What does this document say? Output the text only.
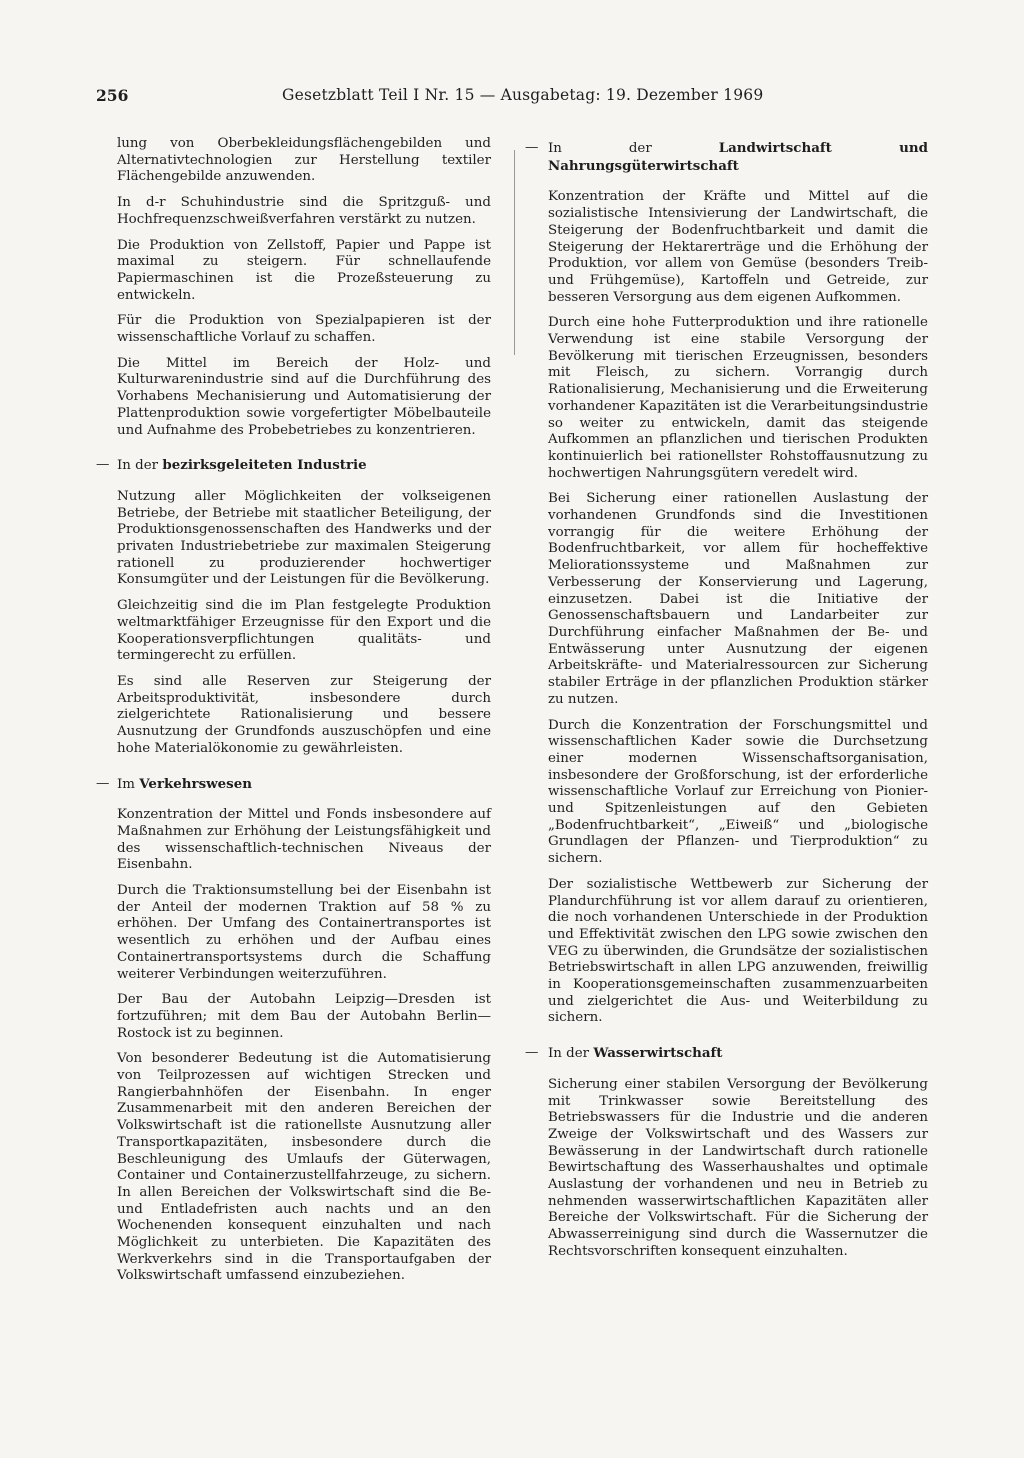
256	Gesetzblatt Teil I Nr. 15 — Ausgabetag: 19. Dezember 1969

lung von Oberbekleidungsflächengebilden und Alternativtechnologien zur Herstellung textiler Flächengebilde anzuwenden.

In d-r Schuhindustrie sind die Spritzguß- und Hochfrequenzschweißverfahren verstärkt zu nutzen.

Die Produktion von Zellstoff, Papier und Pappe ist maximal zu steigern. Für schnellaufende Papiermaschinen ist die Prozeßsteuerung zu entwickeln.

Für die Produktion von Spezialpapieren ist der wissenschaftliche Vorlauf zu schaffen.

Die Mittel im Bereich der Holz- und Kulturwarenindustrie sind auf die Durchführung des Vorhabens Mechanisierung und Automatisierung der Plattenproduktion sowie vorgefertigter Möbelbauteile und Aufnahme des Probebetriebes zu konzentrieren.

— In der bezirksgeleiteten Industrie

Nutzung aller Möglichkeiten der volkseigenen Betriebe, der Betriebe mit staatlicher Beteiligung, der Produktionsgenossenschaften des Handwerks und der privaten Industriebetriebe zur maximalen Steigerung rationell zu produzierender hochwertiger Konsumgüter und der Leistungen für die Bevölkerung.

Gleichzeitig sind die im Plan festgelegte Produktion weltmarktfähiger Erzeugnisse für den Export und die Kooperationsverpflichtungen qualitäts- und termingerecht zu erfüllen.

Es sind alle Reserven zur Steigerung der Arbeitsproduktivität, insbesondere durch zielgerichtete Rationalisierung und bessere Ausnutzung der Grundfonds auszuschöpfen und eine hohe Materialökonomie zu gewährleisten.

— Im Verkehrswesen

Konzentration der Mittel und Fonds insbesondere auf Maßnahmen zur Erhöhung der Leistungsfähigkeit und des wissenschaftlich-technischen Niveaus der Eisenbahn.

Durch die Traktionsumstellung bei der Eisenbahn ist der Anteil der modernen Traktion auf 58 % zu erhöhen. Der Umfang des Containertransportes ist wesentlich zu erhöhen und der Aufbau eines Containertransportsystems durch die Schaffung weiterer Verbindungen weiterzuführen.

Der Bau der Autobahn Leipzig—Dresden ist fortzuführen; mit dem Bau der Autobahn Berlin—Rostock ist zu beginnen.

Von besonderer Bedeutung ist die Automatisierung von Teilprozessen auf wichtigen Strecken und Rangierbahnhöfen der Eisenbahn. In enger Zusammenarbeit mit den anderen Bereichen der Volkswirtschaft ist die rationellste Ausnutzung aller Transportkapazitäten, insbesondere durch die Beschleunigung des Umlaufs der Güterwagen, Container und Containerzustellfahrzeuge, zu sichern. In allen Bereichen der Volkswirtschaft sind die Be- und Entladefristen auch nachts und an den Wochenenden konsequent einzuhalten und nach Möglichkeit zu unterbieten. Die Kapazitäten des Werkverkehrs sind in die Transportaufgaben der Volkswirtschaft umfassend einzubeziehen.

— In der	Landwirtschaft und Nahrungsgüterwirtschaft

Konzentration der Kräfte und Mittel auf die sozialistische Intensivierung der Landwirtschaft, die Steigerung der Bodenfruchtbarkeit und damit die Steigerung der Hektarerträge und die Erhöhung der Produktion, vor allem von Gemüse (besonders Treib- und Frühgemüse), Kartoffeln und Getreide, zur besseren Versorgung aus dem eigenen Aufkommen.

Durch eine hohe Futterproduktion und ihre rationelle Verwendung ist eine stabile Versorgung der Bevölkerung mit tierischen Erzeugnissen, besonders mit Fleisch, zu sichern. Vorrangig durch Rationalisierung, Mechanisierung und die Erweiterung vorhandener Kapazitäten ist die Verarbeitungsindustrie so weiter zu entwickeln, damit das steigende Aufkommen an pflanzlichen und tierischen Produkten kontinuierlich bei rationellster Rohstoffausnutzung zu hochwertigen Nahrungsgütern veredelt wird.

Bei Sicherung einer rationellen Auslastung der vorhandenen Grundfonds sind die Investitionen vorrangig für die weitere Erhöhung der Bodenfruchtbarkeit, vor allem für hocheffektive Meliorationssysteme und Maßnahmen zur Verbesserung der Konservierung und Lagerung, einzusetzen. Dabei ist die Initiative der Genossenschaftsbauern und Landarbeiter zur Durchführung einfacher Maßnahmen der Be- und Entwässerung unter Ausnutzung der eigenen Arbeitskräfte- und Materialressourcen zur Sicherung stabiler Erträge in der pflanzlichen Produktion stärker zu nutzen.

Durch die Konzentration der Forschungsmittel und wissenschaftlichen Kader sowie die Durchsetzung einer modernen Wissenschaftsorganisation, insbesondere der Großforschung, ist der erforderliche wissenschaftliche Vorlauf zur Erreichung von Pionier- und Spitzenleistungen auf den Gebieten „Bodenfruchtbarkeit“, „Eiweiß“ und „biologische Grundlagen der Pflanzen- und Tierproduktion“ zu sichern.

Der sozialistische Wettbewerb zur Sicherung der Plandurchführung ist vor allem darauf zu orientieren, die noch vorhandenen Unterschiede in der Produktion und Effektivität zwischen den LPG sowie zwischen den VEG zu überwinden, die Grundsätze der sozialistischen Betriebswirtschaft in allen LPG anzuwenden, freiwillig in Kooperationsgemeinschaften zusammenzuarbeiten und zielgerichtet die Aus- und Weiterbildung zu sichern.

— In der Wasserwirtschaft

Sicherung einer stabilen Versorgung der Bevölkerung mit Trinkwasser sowie Bereitstellung des Betriebswassers für die Industrie und die anderen Zweige der Volkswirtschaft und des Wassers zur Bewässerung in der Landwirtschaft durch rationelle Bewirtschaftung des Wasserhaushaltes und optimale Auslastung der vorhandenen und neu in Betrieb zu nehmenden wasserwirtschaftlichen Kapazitäten aller Bereiche der Volkswirtschaft. Für die Sicherung der Abwasserreinigung sind durch die Wassernutzer die Rechtsvorschriften konsequent einzuhalten.
